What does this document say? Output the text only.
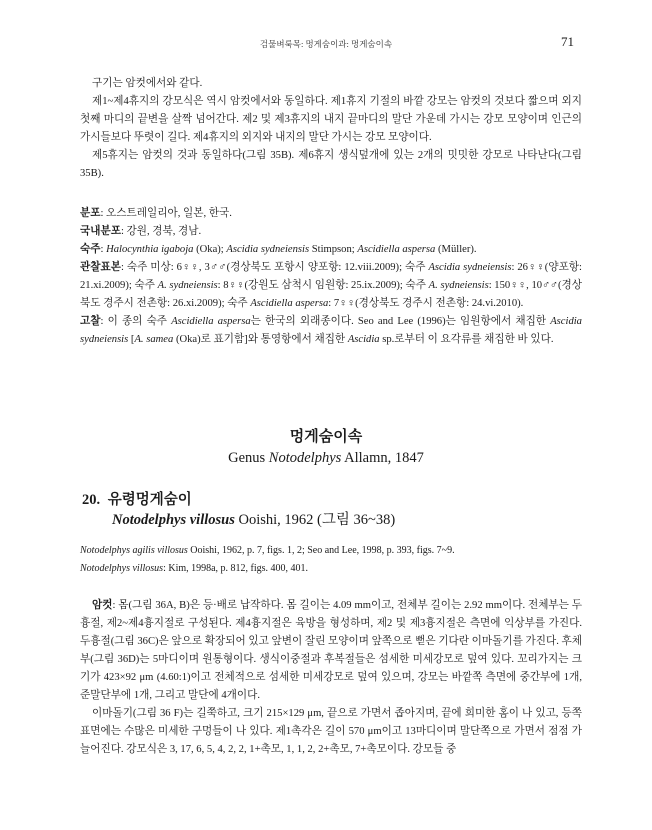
검물벼룩목: 멍게숨이과: 멍게숨이속	71

구기는 암컷에서와 같다.

제1~제4휴지의 강모식은 역시 암컷에서와 동일하다. 제1휴지 기절의 바깥 강모는 암컷의 것보다 짧으며 외지 첫째 마디의 끝변을 살짝 넘어간다. 제2 및 제3휴지의 내지 끝마디의 말단 가운데 가시는 강모 모양이며 인근의 가시들보다 뚜렷이 길다. 제4휴지의 외지와 내지의 말단 가시는 강모 모양이다.

제5휴지는 암컷의 것과 동일하다(그림 35B). 제6휴지 생식덮개에 있는 2개의 밋밋한 강모로 나타난다(그림 35B).

분포: 오스트레일리아, 일본, 한국.

국내분포: 강원, 경북, 경남.

숙주: Halocynthia igaboja (Oka); Ascidia sydneiensis Stimpson; Ascidiella aspersa (Müller).

관찰표본: 숙주 미상: 6♀♀, 3♂♂(경상북도 포항시 양포항: 12.viii.2009); 숙주 Ascidia sydneiensis: 26♀♀(양포항: 21.xi.2009); 숙주 A. sydneiensis: 8♀♀(강원도 삼척시 임원항: 25.ix.2009); 숙주 A. sydneiensis: 150♀♀, 10♂♂(경상북도 경주시 전촌항: 26.xi.2009); 숙주 Ascidiella aspersa: 7♀♀(경상북도 경주시 전촌항: 24.vi.2010).

고찰: 이 종의 숙주 Ascidiella aspersa는 한국의 외래종이다. Seo and Lee (1996)는 임원항에서 채집한 Ascidia sydneiensis [A. samea (Oka)로 표기함]와 통영항에서 채집한 Ascidia sp.로부터 이 요각류를 채집한 바 있다.

멍게숨이속
Genus Notodelphys Allamn, 1847
20. 유령멍게숨이
Notodelphys villosus Ooishi, 1962 (그림 36~38)

Notodelphys agilis villosus Ooishi, 1962, p. 7, figs. 1, 2; Seo and Lee, 1998, p. 393, figs. 7~9.

Notodelphys villosus: Kim, 1998a, p. 812, figs. 400, 401.

암컷: 몸(그림 36A, B)은 등·배로 납작하다. 몸 길이는 4.09 mm이고, 전체부 길이는 2.92 mm이다. 전체부는 두흉절, 제2~제4흉지절로 구성된다. 제4흉지절은 육방을 형성하며, 제2 및 제3흉지절은 측면에 익상부를 가진다. 두흉절(그림 36C)은 앞으로 확장되어 있고 앞변이 잘린 모양이며 앞쪽으로 뻗은 기다란 이마돌기를 가진다. 후체부(그림 36D)는 5마디이며 원통형이다. 생식이중절과 후복절들은 섬세한 미세강모로 덮여 있다. 꼬리가지는 크기가 423×92 μm (4.60:1)이고 전체적으로 섬세한 미세강모로 덮여 있으며, 강모는 바깥쪽 측면에 중간부에 1개, 준말단부에 1개, 그리고 말단에 4개이다.

이마돌기(그림 36 F)는 길쭉하고, 크기 215×129 μm, 끝으로 가면서 좁아지며, 끝에 희미한 홈이 나 있고, 등쪽 표면에는 수많은 미세한 구멍들이 나 있다. 제1촉각은 길이 570 μm이고 13마디이며 말단쪽으로 가면서 점점 가늘어진다. 강모식은 3, 17, 6, 5, 4, 2, 2, 1+촉모, 1, 1, 2, 2+촉모, 7+촉모이다. 강모들 중
